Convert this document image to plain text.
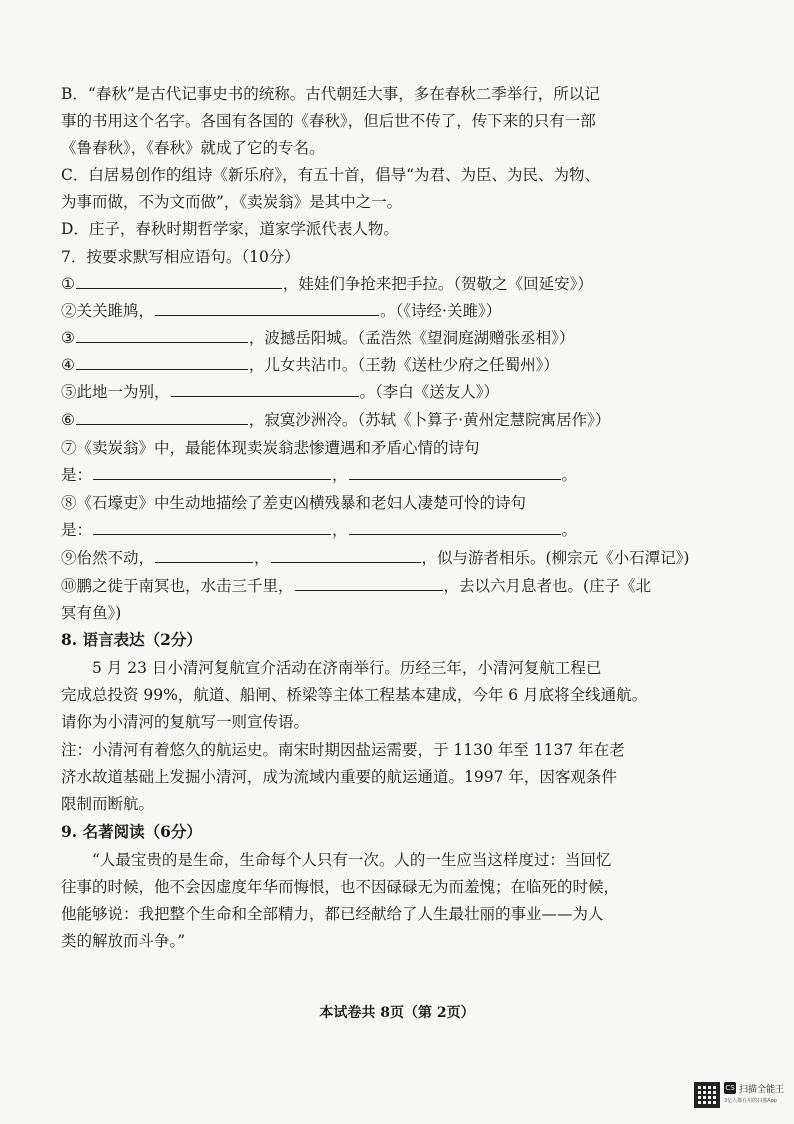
B．“春秋”是古代记事史书的统称。古代朝廷大事，多在春秋二季举行，所以记
事的书用这个名字。各国有各国的《春秋》，但后世不传了，传下来的只有一部
《鲁春秋》，《春秋》就成了它的专名。
C．白居易创作的组诗《新乐府》，有五十首，倡导“为君、为臣、为民、为物、
为事而做，不为文而做”，《卖炭翁》是其中之一。
D．庄子，春秋时期哲学家，道家学派代表人物。
7．按要求默写相应语句。（10分）
①	，娃娃们争抢来把手拉。（贺敬之《回延安》）
②关关雎鸠，	。（《诗经·关雎》）
③	，波撼岳阳城。（孟浩然《望洞庭湖赠张丞相》）
④	，儿女共沾巾。（王勃《送杜少府之任蜀州》）
⑤此地一为别，	。（李白《送友人》）
⑥	，寂寞沙洲冷。（苏轼《卜算子·黄州定慧院寓居作》）
⑦《卖炭翁》中，最能体现卖炭翁悲惨遭遇和矛盾心情的诗句
是：	，	。
⑧《石壕吏》中生动地描绘了差吏凶横残暴和老妇人凄楚可怜的诗句
是：	，	。
⑨佁然不动，	，	，似与游者相乐。(柳宗元《小石潭记》)
⑩鹏之徙于南冥也，水击三千里，	，去以六月息者也。(庄子《北
冥有鱼》)
8. 语言表达（2分）
5 月 23 日小清河复航宣介活动在济南举行。历经三年，小清河复航工程已
完成总投资 99%，航道、船闸、桥梁等主体工程基本建成，今年 6 月底将全线通航。
请你为小清河的复航写一则宣传语。
注：小清河有着悠久的航运史。南宋时期因盐运需要，于 1130 年至 1137 年在老
济水故道基础上发掘小清河，成为流域内重要的航运通道。1997 年，因客观条件
限制而断航。
9. 名著阅读（6分）
“人最宝贵的是生命，生命每个人只有一次。人的一生应当这样度过：当回忆
往事的时候，他不会因虚度年华而悔恨，也不因碌碌无为而羞愧；在临死的时候，
他能够说：我把整个生命和全部精力，都已经献给了人生最壮丽的事业——为人
类的解放而斗争。”
本试卷共 8页（第 2页）
CS 扫描全能王
3亿人都在用的扫描App
